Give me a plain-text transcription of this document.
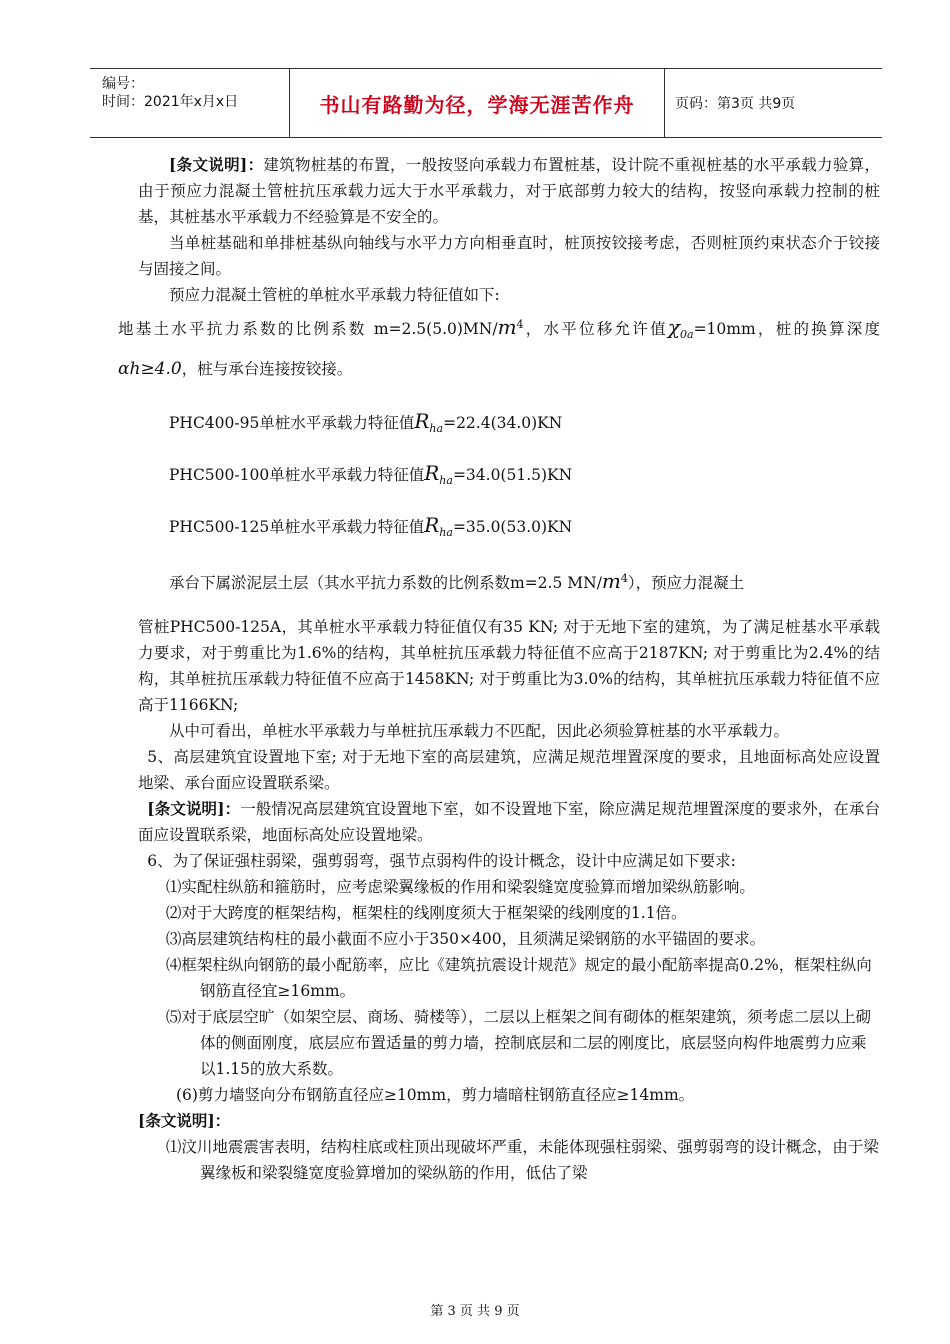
编号：
时间：2021年x月x日	书山有路勤为径，学海无涯苦作舟	页码：第3页 共9页

[条文说明]：建筑物桩基的布置，一般按竖向承载力布置桩基，设计院不重视桩基的水平承载力验算，由于预应力混凝土管桩抗压承载力远大于水平承载力，对于底部剪力较大的结构，按竖向承载力控制的桩基，其桩基水平承载力不经验算是不安全的。

当单桩基础和单排桩基纵向轴线与水平力方向相垂直时，桩顶按铰接考虑，否则桩顶约束状态介于铰接与固接之间。

预应力混凝土管桩的单桩水平承载力特征值如下:

地基土水平抗力系数的比例系数 $m=2.5(5.0)MN/m^4$，水平位移允许值$\chi_{0a}=10mm$，桩的换算深度αh≥4.0，桩与承台连接按铰接。

PHC400-95单桩水平承载力特征值$R_{ha}=22.4(34.0)KN$

PHC500-100单桩水平承载力特征值$R_{ha}=34.0(51.5)KN$

PHC500-125单桩水平承载力特征值$R_{ha}=35.0(53.0)KN$

承台下属淤泥层土层（其水平抗力系数的比例系数m=2.5 $MN/m^4$），预应力混凝土

管桩PHC500-125A，其单桩水平承载力特征值仅有35 KN; 对于无地下室的建筑，为了满足桩基水平承载力要求，对于剪重比为1.6%的结构，其单桩抗压承载力特征值不应高于2187KN; 对于剪重比为2.4%的结构，其单桩抗压承载力特征值不应高于1458KN; 对于剪重比为3.0%的结构，其单桩抗压承载力特征值不应高于1166KN;

从中可看出，单桩水平承载力与单桩抗压承载力不匹配，因此必须验算桩基的水平承载力。

5、高层建筑宜设置地下室; 对于无地下室的高层建筑，应满足规范埋置深度的要求，且地面标高处应设置地梁、承台面应设置联系梁。

[条文说明]：一般情况高层建筑宜设置地下室，如不设置地下室，除应满足规范埋置深度的要求外，在承台面应设置联系梁，地面标高处应设置地梁。

6、为了保证强柱弱梁，强剪弱弯，强节点弱构件的设计概念，设计中应满足如下要求:

⑴实配柱纵筋和箍筋时，应考虑梁翼缘板的作用和梁裂缝宽度验算而增加梁纵筋影响。

⑵对于大跨度的框架结构，框架柱的线刚度须大于框架梁的线刚度的1.1倍。

⑶高层建筑结构柱的最小截面不应小于350×400，且须满足梁钢筋的水平锚固的要求。

⑷框架柱纵向钢筋的最小配筋率，应比《建筑抗震设计规范》规定的最小配筋率提高0.2%，框架柱纵向钢筋直径宜≥16mm。

⑸对于底层空旷（如架空层、商场、骑楼等），二层以上框架之间有砌体的框架建筑，须考虑二层以上砌体的侧面刚度，底层应布置适量的剪力墙，控制底层和二层的刚度比，底层竖向构件地震剪力应乘以1.15的放大系数。

(6)剪力墙竖向分布钢筋直径应≥10mm，剪力墙暗柱钢筋直径应≥14mm。

[条文说明]：

⑴汶川地震震害表明，结构柱底或柱顶出现破坏严重，未能体现强柱弱梁、强剪弱弯的设计概念，由于梁翼缘板和梁裂缝宽度验算增加的梁纵筋的作用，低估了梁

第 3 页 共 9 页
